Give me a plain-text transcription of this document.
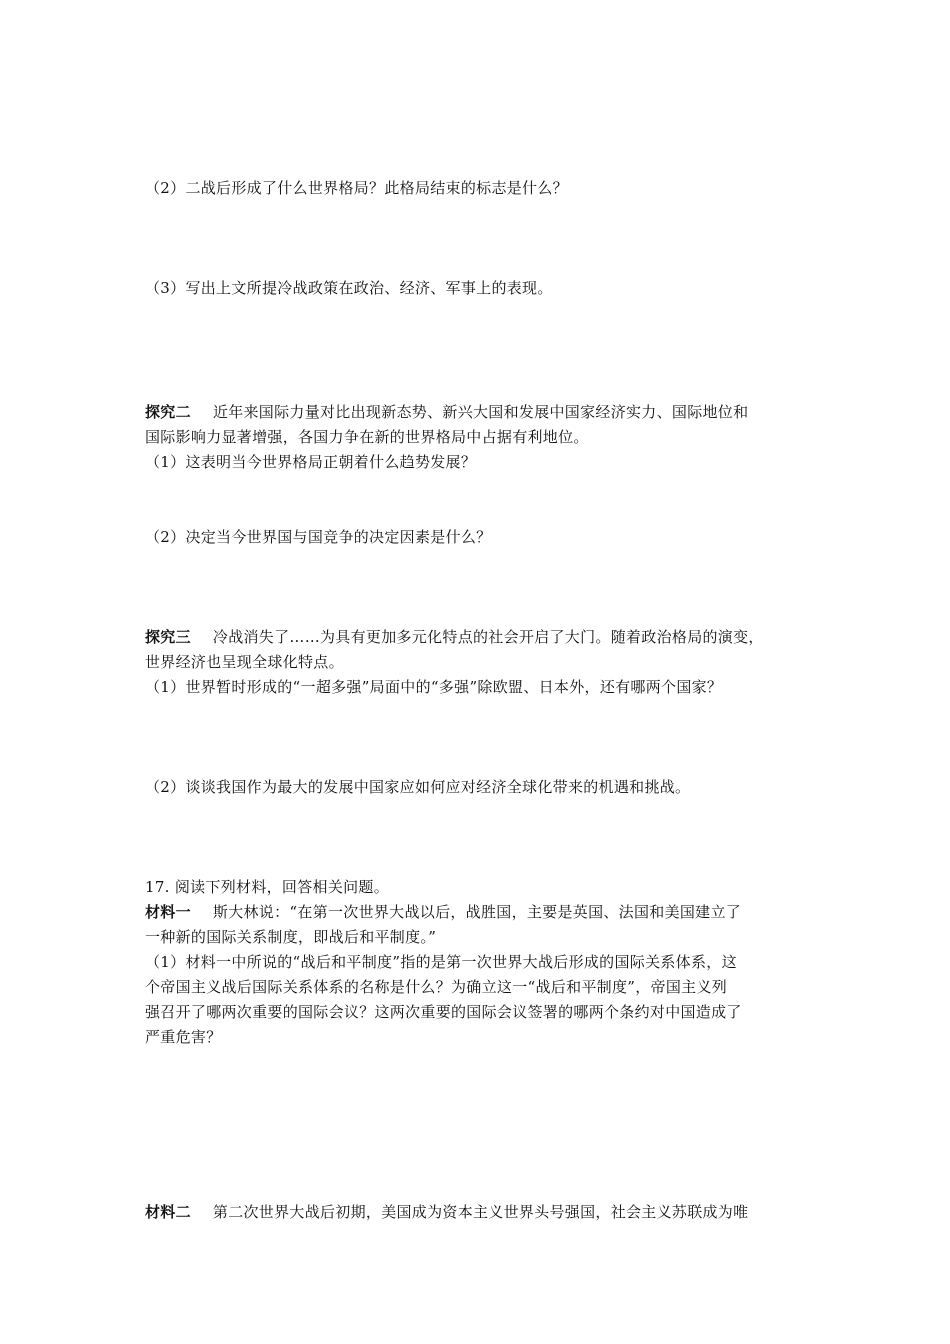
（2）二战后形成了什么世界格局？此格局结束的标志是什么？
（3）写出上文所提冷战政策在政治、经济、军事上的表现。
探究二 近年来国际力量对比出现新态势、新兴大国和发展中国家经济实力、国际地位和
国际影响力显著增强，各国力争在新的世界格局中占据有利地位。
（1）这表明当今世界格局正朝着什么趋势发展？
（2）决定当今世界国与国竞争的决定因素是什么？
探究三 冷战消失了……为具有更加多元化特点的社会开启了大门。随着政治格局的演变，
世界经济也呈现全球化特点。
（1）世界暂时形成的“一超多强”局面中的“多强”除欧盟、日本外，还有哪两个国家？
（2）谈谈我国作为最大的发展中国家应如何应对经济全球化带来的机遇和挑战。
17. 阅读下列材料，回答相关问题。
材料一 斯大林说：“在第一次世界大战以后，战胜国，主要是英国、法国和美国建立了
一种新的国际关系制度，即战后和平制度。”
（1）材料一中所说的“战后和平制度”指的是第一次世界大战后形成的国际关系体系，这
个帝国主义战后国际关系体系的名称是什么？为确立这一“战后和平制度”，帝国主义列
强召开了哪两次重要的国际会议？这两次重要的国际会议签署的哪两个条约对中国造成了
严重危害？
材料二 第二次世界大战后初期，美国成为资本主义世界头号强国，社会主义苏联成为唯
